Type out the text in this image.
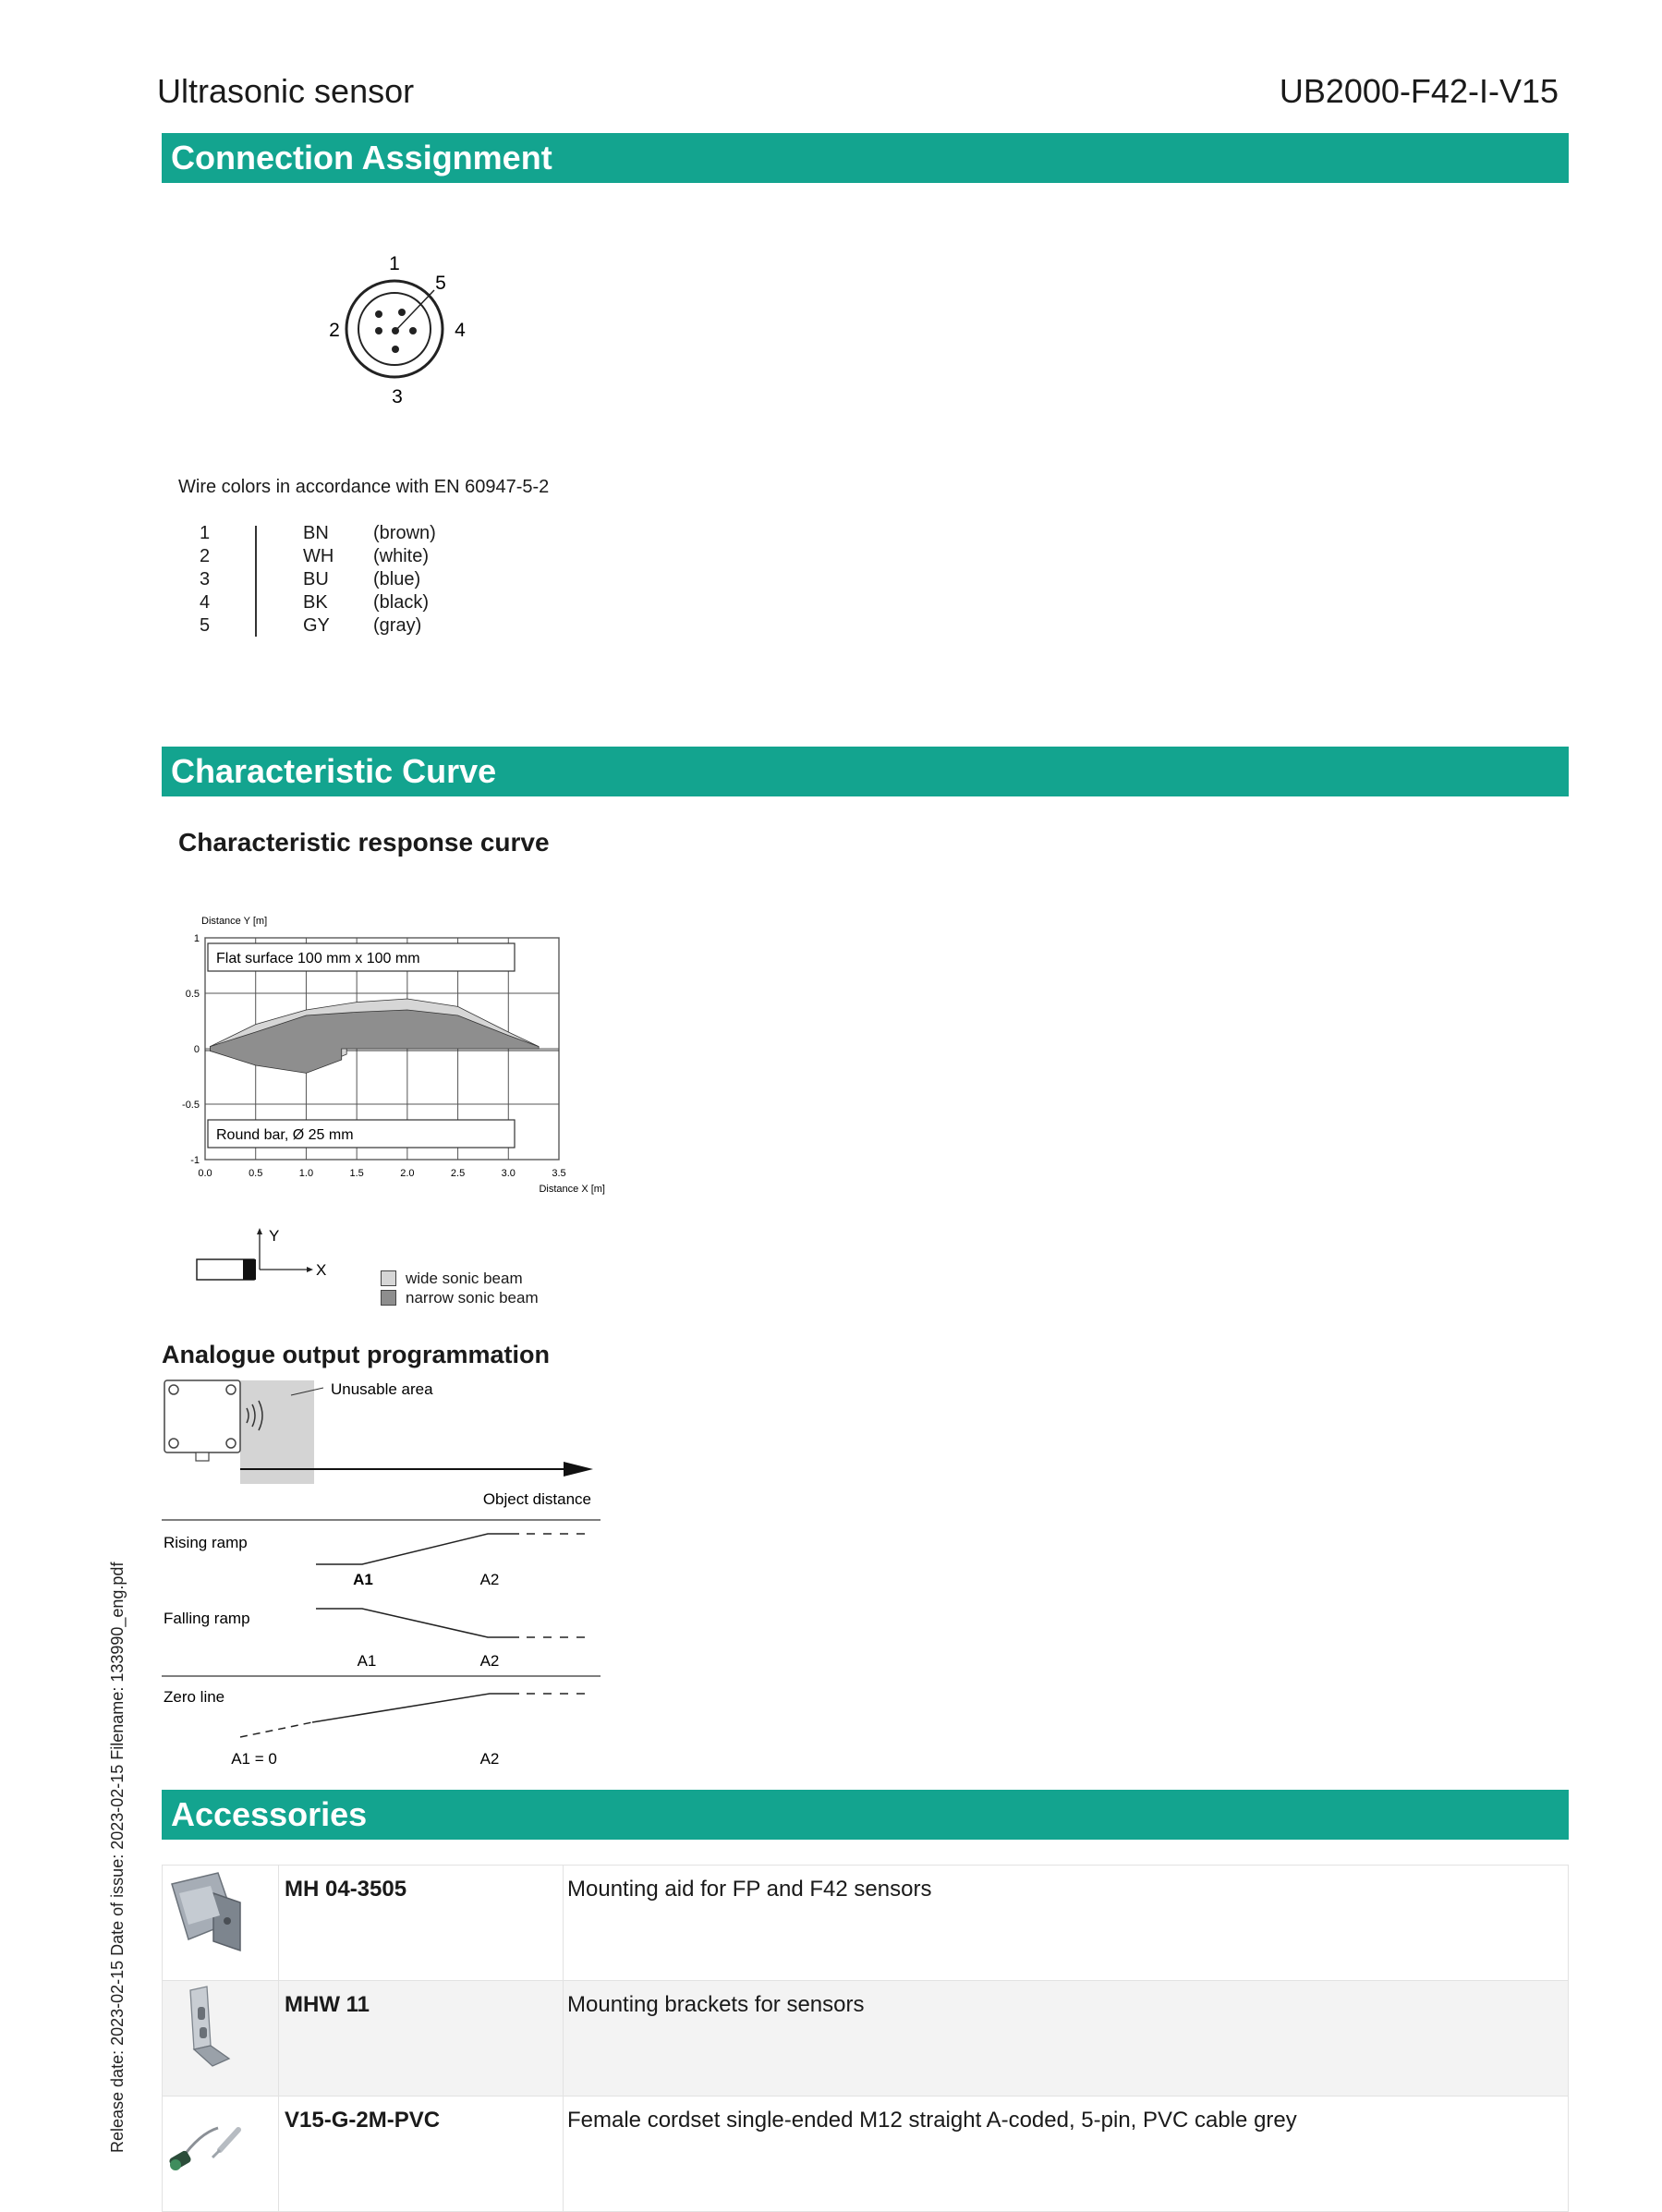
Ultrasonic sensor	UB2000-F42-I-V15
Connection Assignment
1
2
3
4
5
Wire colors in accordance with EN 60947-5-2
1	BN	(brown)
2	WH	(white)
3	BU	(blue)
4	BK	(black)
5	GY	(gray)
Characteristic Curve
Characteristic response curve
0.0	0.5	1.0	1.5	2.0	2.5	3.0	3.5
1
0.5
0
-0.5
-1
Distance Y [m]
Distance X [m]
Flat surface 100 mm x 100 mm
Round bar, Ø 25 mm
Y
X	wide sonic beam
narrow sonic beam
Analogue output programmation
Unusable area
Object distance
Rising ramp
A1	A2
Falling ramp
A1	A2
Zero line
A1 = 0	A2
Accessories
	MH 04-3505	Mounting aid for FP and F42 sensors
	MHW 11	Mounting brackets for sensors
	V15-G-2M-PVC	Female cordset single-ended M12 straight A-coded, 5-pin, PVC cable grey
Release date: 2023-02-15 Date of issue: 2023-02-15 Filename: 133990_eng.pdf
